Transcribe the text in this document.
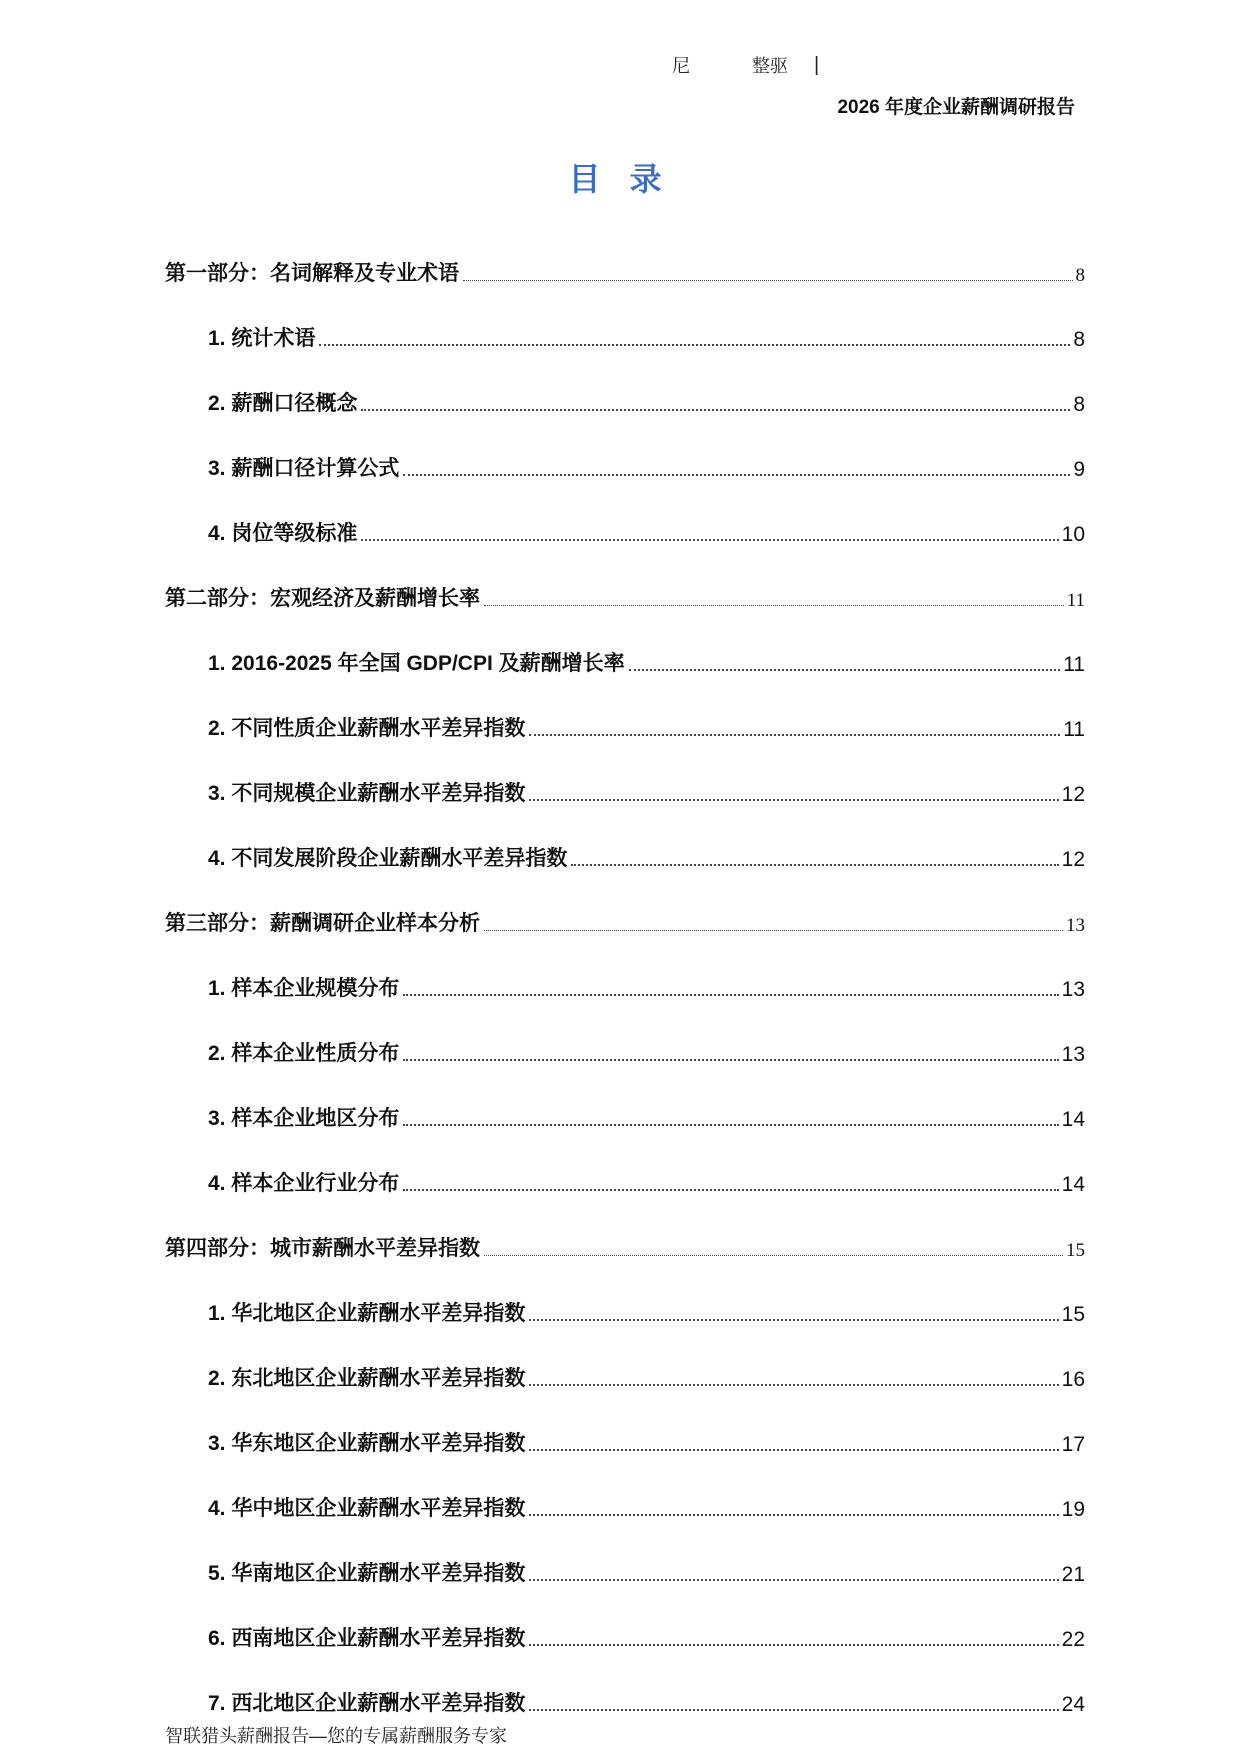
尼	整驱	|
2026 年度企业薪酬调研报告
目 录
第一部分：名词解释及专业术语	8
1. 统计术语	8
2. 薪酬口径概念	8
3. 薪酬口径计算公式	9
4. 岗位等级标准	10
第二部分：宏观经济及薪酬增长率	11
1. 2016-2025 年全国 GDP/CPI 及薪酬增长率	11
2. 不同性质企业薪酬水平差异指数	11
3. 不同规模企业薪酬水平差异指数	12
4. 不同发展阶段企业薪酬水平差异指数	12
第三部分：薪酬调研企业样本分析	13
1. 样本企业规模分布	13
2. 样本企业性质分布	13
3. 样本企业地区分布	14
4. 样本企业行业分布	14
第四部分：城市薪酬水平差异指数	15
1. 华北地区企业薪酬水平差异指数	15
2. 东北地区企业薪酬水平差异指数	16
3. 华东地区企业薪酬水平差异指数	17
4. 华中地区企业薪酬水平差异指数	19
5. 华南地区企业薪酬水平差异指数	21
6. 西南地区企业薪酬水平差异指数	22
7. 西北地区企业薪酬水平差异指数	24
智联猎头薪酬报告—您的专属薪酬服务专家
